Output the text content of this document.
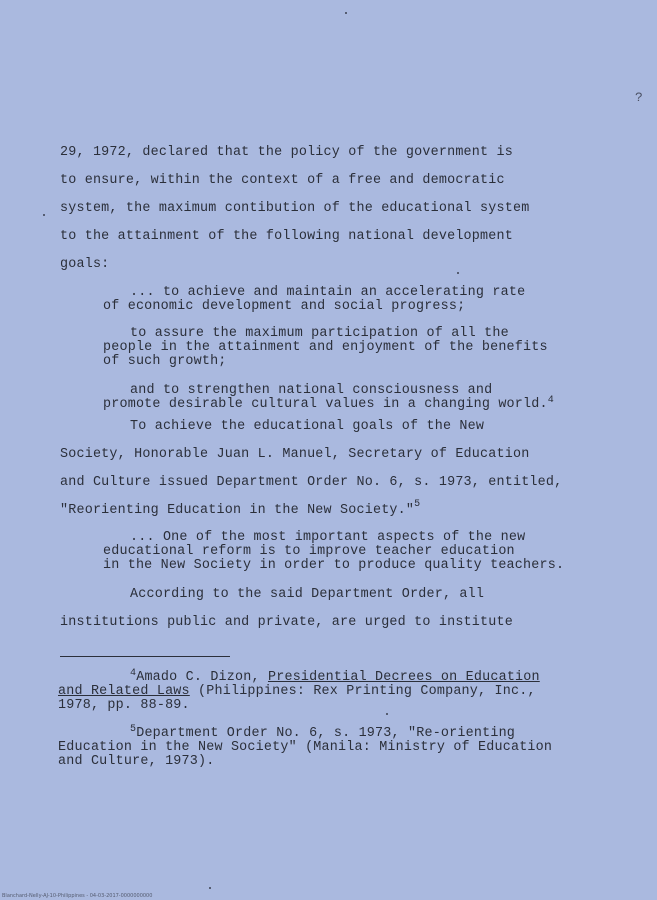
?
29, 1972, declared that the policy of the government is
to ensure, within the context of a free and democratic
system, the maximum contibution of the educational system
to the attainment of the following national development
goals:
... to achieve and maintain an accelerating rate
of economic development and social progress;
to assure the maximum participation of all the
people in the attainment and enjoyment of the benefits
of such growth;
and to strengthen national consciousness and
promote desirable cultural values in a changing world.$^4$
To achieve the educational goals of the New
Society, Honorable Juan L. Manuel, Secretary of Education
and Culture issued Department Order No. 6, s. 1973, entitled,
"Reorienting Education in the New Society."$^5$
... One of the most important aspects of the new
educational reform is to improve teacher education
in the New Society in order to produce quality teachers.
According to the said Department Order, all
institutions public and private, are urged to institute
$^4$Amado C. Dizon, Presidential Decrees on Education
and Related Laws (Philippines: Rex Printing Company, Inc.,
1978, pp. 88-89.
$^5$Department Order No. 6, s. 1973, "Re-orienting
Education in the New Society" (Manila: Ministry of Education
and Culture, 1973).
Blanchard-Nelly-AJ-10-Philippines - 04-03-2017-0000000000
